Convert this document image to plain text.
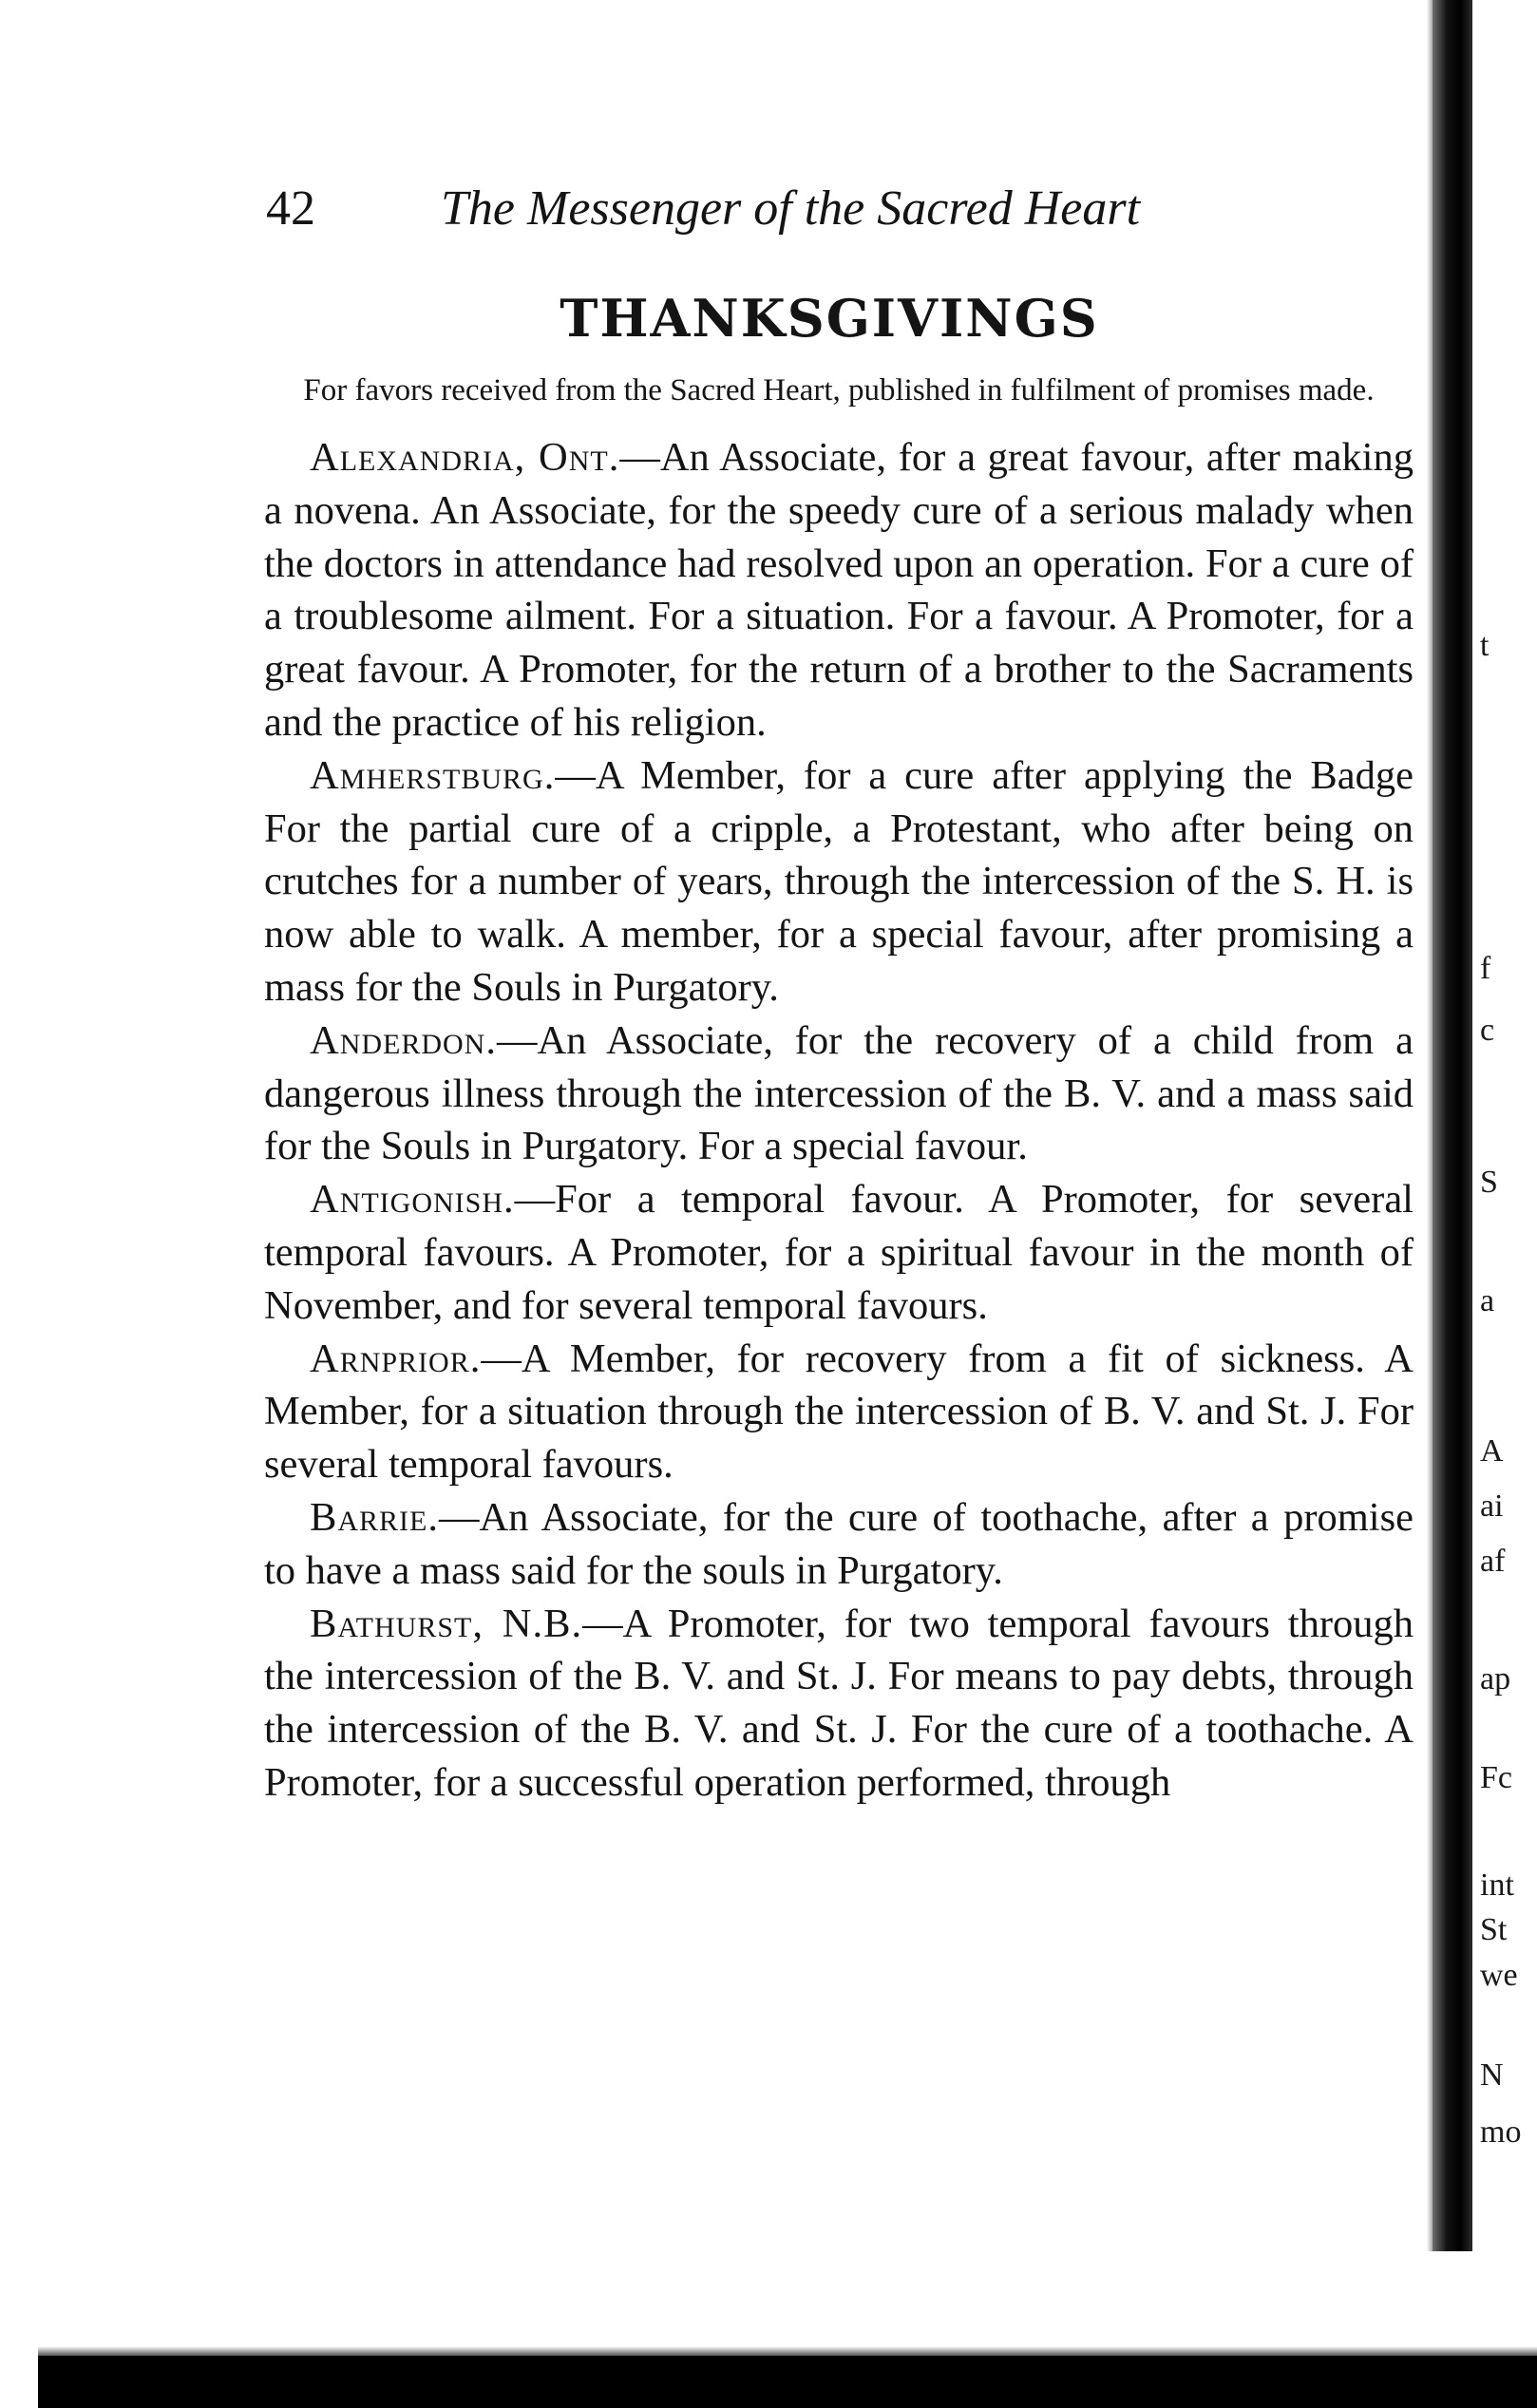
42	The Messenger of the Sacred Heart
THANKSGIVINGS
For favors received from the Sacred Heart, published in fulfilment of promises made.

Alexandria, Ont.—An Associate, for a great favour, after making a novena. An Associate, for the speedy cure of a serious malady when the doctors in attendance had resolved upon an operation. For a cure of a troublesome ailment. For a situation. For a favour. A Promoter, for a great favour. A Promoter, for the return of a brother to the Sacraments and the practice of his religion.

Amherstburg.—A Member, for a cure after applying the Badge For the partial cure of a cripple, a Protestant, who after being on crutches for a number of years, through the intercession of the S. H. is now able to walk. A member, for a special favour, after promising a mass for the Souls in Purgatory.

Anderdon.—An Associate, for the recovery of a child from a dangerous illness through the intercession of the B. V. and a mass said for the Souls in Purgatory. For a special favour.

Antigonish.—For a temporal favour. A Promoter, for several temporal favours. A Promoter, for a spiritual favour in the month of November, and for several temporal favours.

Arnprior.—A Member, for recovery from a fit of sickness. A Member, for a situation through the intercession of B. V. and St. J. For several temporal favours.

Barrie.—An Associate, for the cure of toothache, after a promise to have a mass said for the souls in Purgatory.

Bathurst, N.B.—A Promoter, for two temporal favours through the intercession of the B. V. and St. J. For means to pay debts, through the intercession of the B. V. and St. J. For the cure of a toothache. A Promoter, for a successful operation performed, through

t
f
c
S
a
A
ai
af
ap
Fc
int
St
we
N
mo
